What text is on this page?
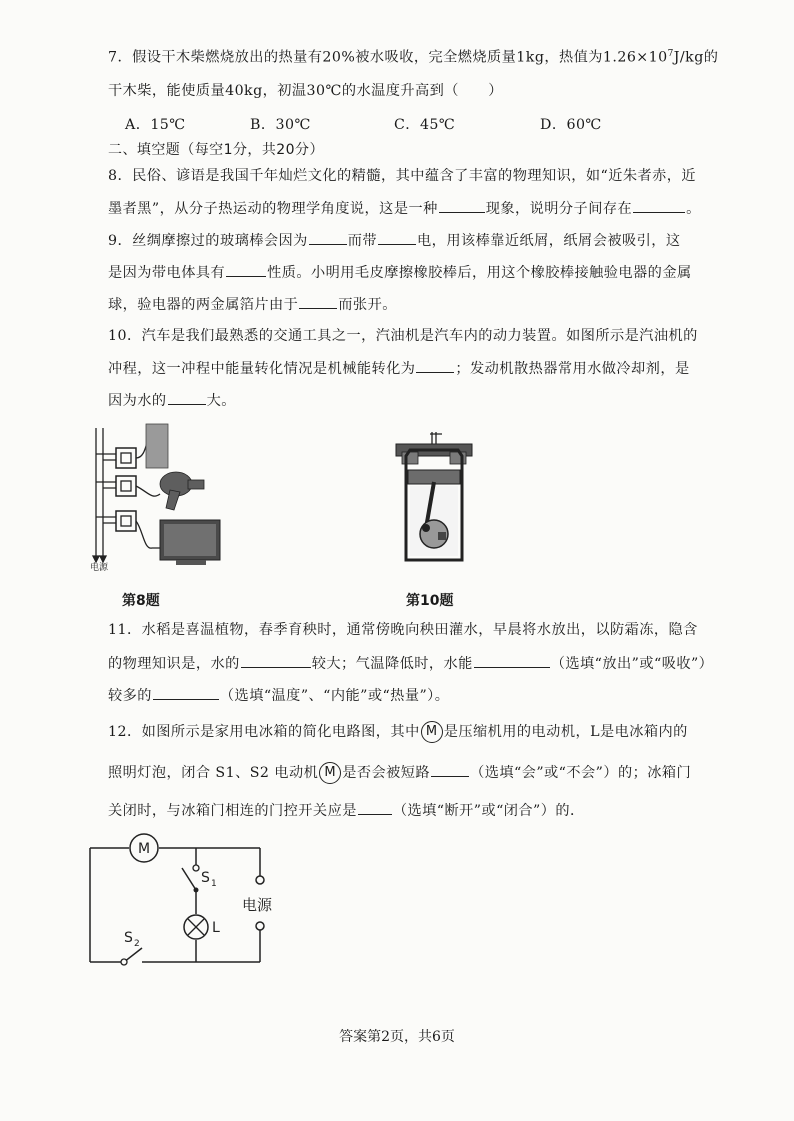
7．假设干木柴燃烧放出的热量有20%被水吸收，完全燃烧质量1kg，热值为$1.26\times 10^7J/kg$的
干木柴，能使质量40kg，初温30℃的水温度升高到（　　）
A．15℃	B．30℃	C．45℃	D．60℃
二、填空题（每空1分，共20分）
8．民俗、谚语是我国千年灿烂文化的精髓，其中蕴含了丰富的物理知识，如“近朱者赤，近
墨者黑”，从分子热运动的物理学角度说，这是一种	现象，说明分子间存在	。
9．丝绸摩擦过的玻璃棒会因为	而带	电，用该棒靠近纸屑，纸屑会被吸引，这
是因为带电体具有	性质。小明用毛皮摩擦橡胶棒后，用这个橡胶棒接触验电器的金属
球，验电器的两金属箔片由于	而张开。
10．汽车是我们最熟悉的交通工具之一，汽油机是汽车内的动力装置。如图所示是汽油机的
冲程，这一冲程中能量转化情况是机械能转化为	；发动机散热器常用水做冷却剂，是
因为水的	大。
电源
第8题	第10题
11．水稻是喜温植物，春季育秧时，通常傍晚向秧田灌水，早晨将水放出，以防霜冻，隐含
的物理知识是，水的	较大；气温降低时，水能	（选填“放出”或“吸收”）
较多的	（选填“温度”、“内能”或“热量”）。
12．如图所示是家用电冰箱的简化电路图，其中 M 是压缩机用的电动机，L是电冰箱内的
照明灯泡，闭合 S1、S2 电动机 M 是否会被短路	（选填“会”或“不会”）的；冰箱门
关闭时，与冰箱门相连的门控开关应是	（选填“断开”或“闭合”）的．
M
S 1
S 2
L
电源
答案第2页，共6页
